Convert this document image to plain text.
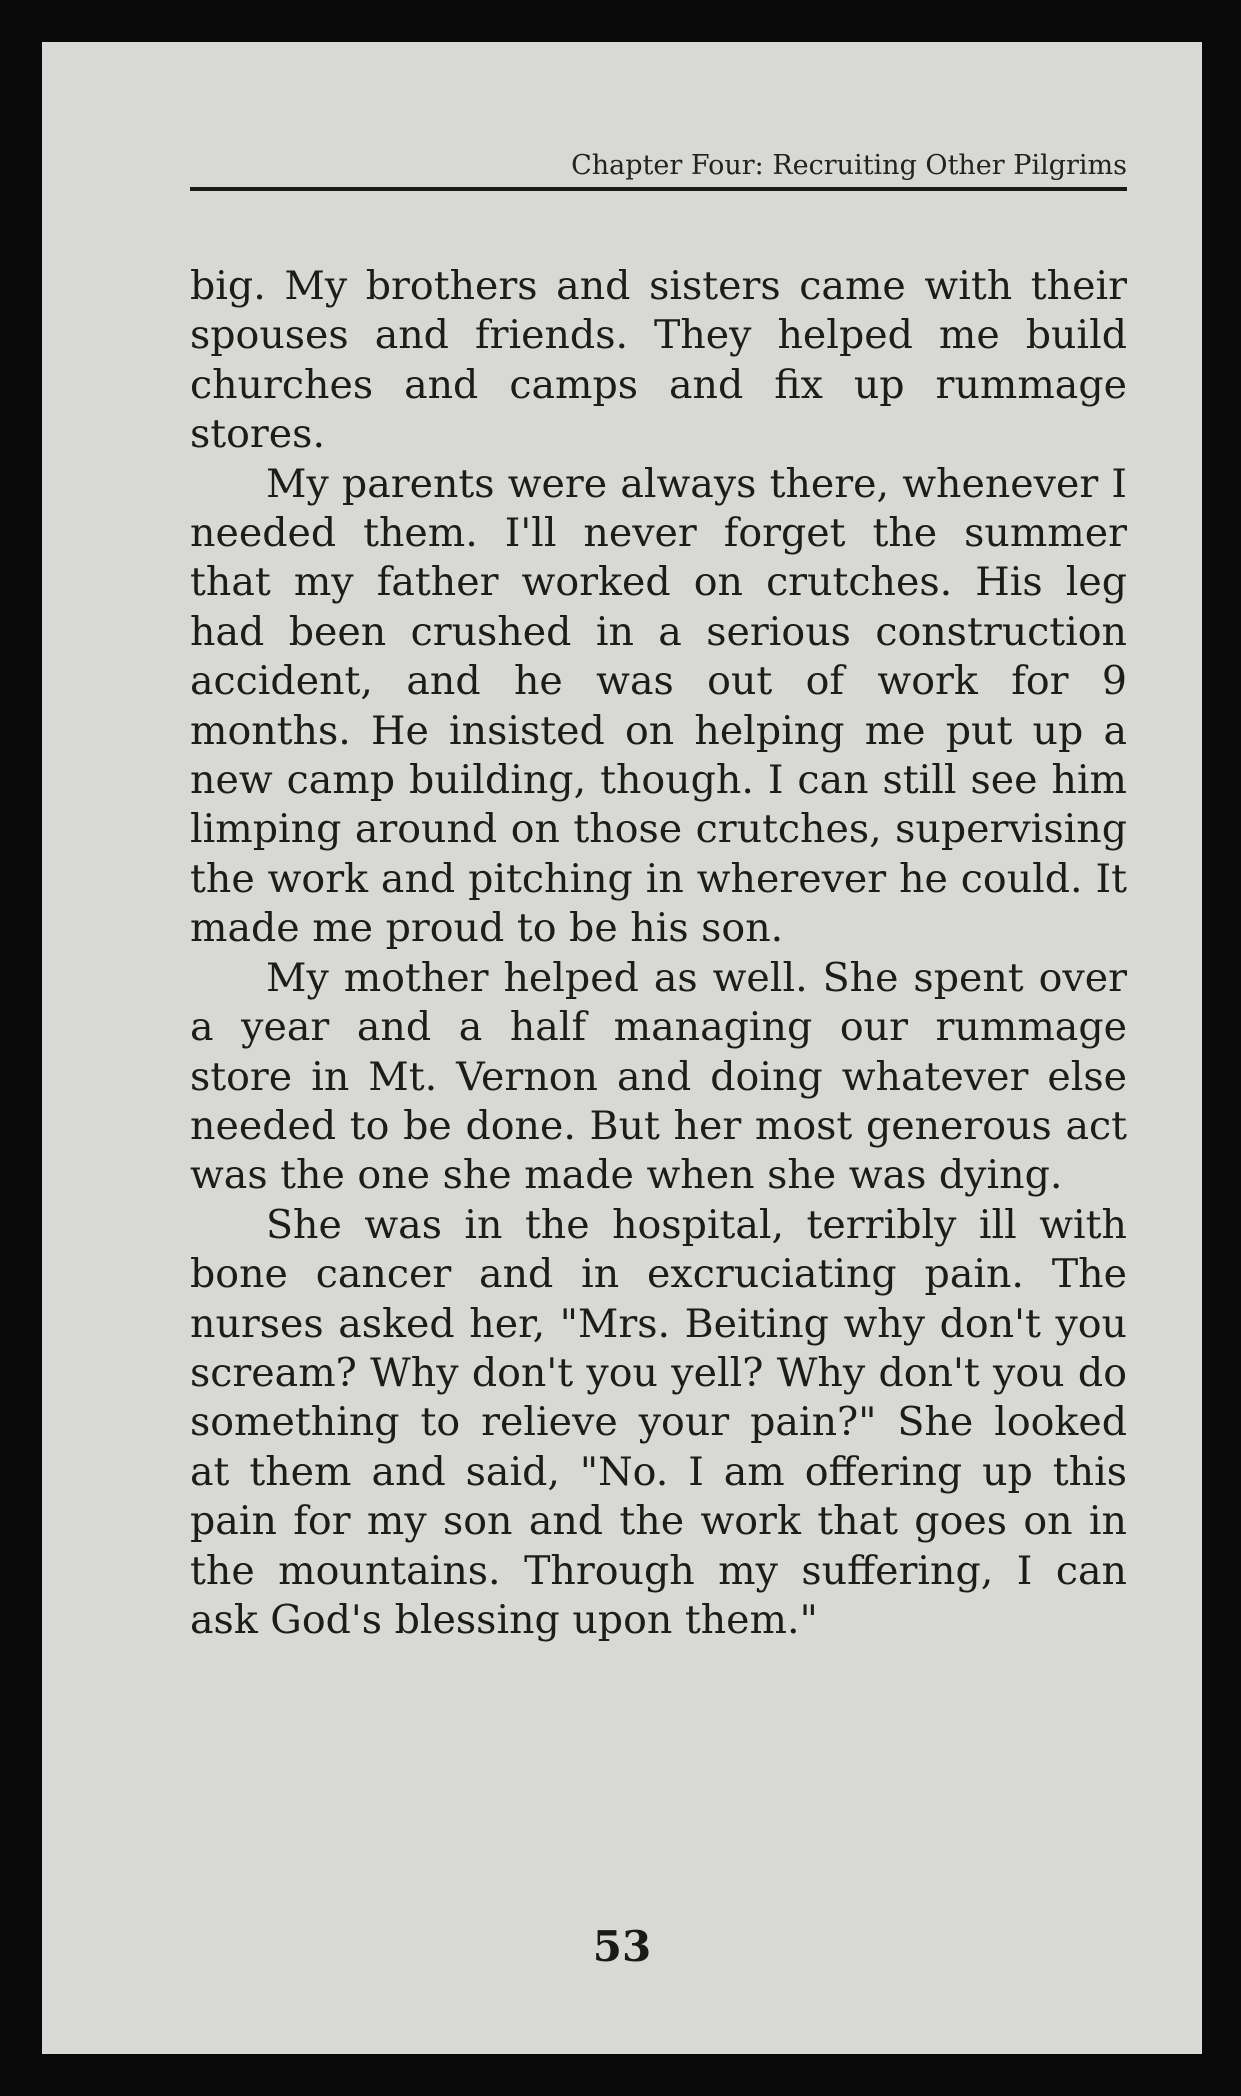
Chapter Four: Recruiting Other Pilgrims

big. My brothers and sisters came with their spouses and friends. They helped me build churches and camps and fix up rummage stores.

My parents were always there, whenever I needed them. I'll never forget the summer that my father worked on crutches. His leg had been crushed in a serious construction accident, and he was out of work for 9 months. He insisted on helping me put up a new camp building, though. I can still see him limping around on those crutches, supervising the work and pitching in wherever he could. It made me proud to be his son.

My mother helped as well. She spent over a year and a half managing our rummage store in Mt. Vernon and doing whatever else needed to be done. But her most generous act was the one she made when she was dying.

She was in the hospital, terribly ill with bone cancer and in excruciating pain. The nurses asked her, "Mrs. Beiting why don't you scream? Why don't you yell? Why don't you do something to relieve your pain?" She looked at them and said, "No. I am offering up this pain for my son and the work that goes on in the mountains. Through my suffering, I can ask God's blessing upon them."

53
